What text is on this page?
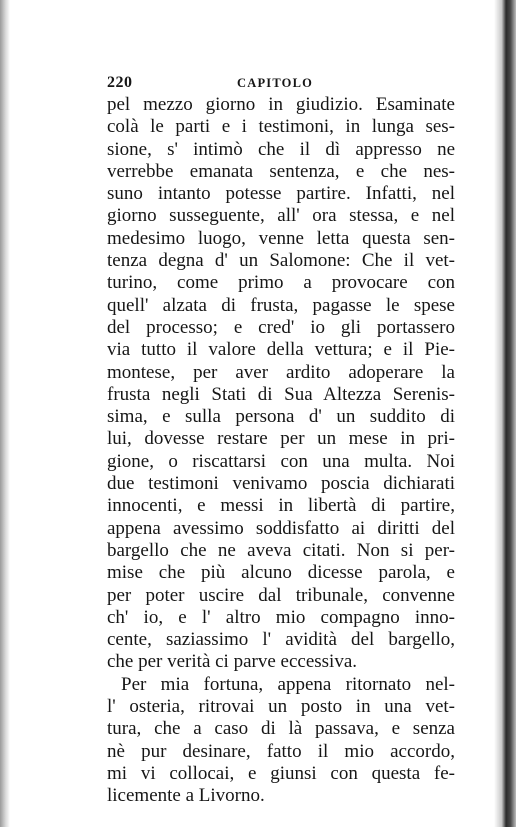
220	CAPITOLO
pel mezzo giorno in giudizio. Esaminate
colà le parti e i testimoni, in lunga ses-
sione, s' intimò che il dì appresso ne
verrebbe emanata sentenza, e che nes-
suno intanto potesse partire. Infatti, nel
giorno susseguente, all' ora stessa, e nel
medesimo luogo, venne letta questa sen-
tenza degna d' un Salomone: Che il vet-
turino, come primo a provocare con
quell' alzata di frusta, pagasse le spese
del processo; e cred' io gli portassero
via tutto il valore della vettura; e il Pie-
montese, per aver ardito adoperare la
frusta negli Stati di Sua Altezza Serenis-
sima, e sulla persona d' un suddito di
lui, dovesse restare per un mese in pri-
gione, o riscattarsi con una multa. Noi
due testimoni venivamo poscia dichiarati
innocenti, e messi in libertà di partire,
appena avessimo soddisfatto ai diritti del
bargello che ne aveva citati. Non si per-
mise che più alcuno dicesse parola, e
per poter uscire dal tribunale, convenne
ch' io, e l' altro mio compagno inno-
cente, saziassimo l' avidità del bargello,
che per verità ci parve eccessiva.
Per mia fortuna, appena ritornato nel-
l' osteria, ritrovai un posto in una vet-
tura, che a caso di là passava, e senza
nè pur desinare, fatto il mio accordo,
mi vi collocai, e giunsi con questa fe-
licemente a Livorno.
